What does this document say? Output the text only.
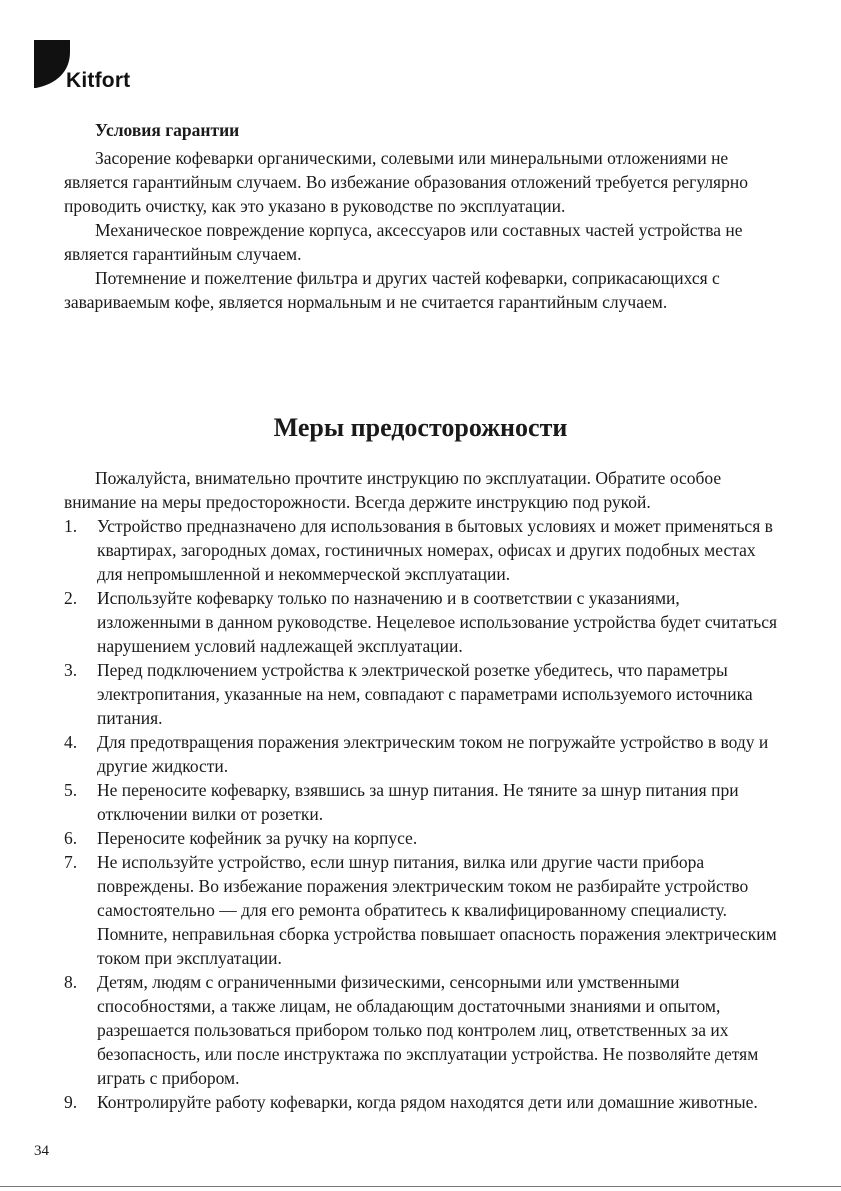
Kitfort
Условия гарантии

Засорение кофеварки органическими, солевыми или минеральными отложениями не является гарантийным случаем. Во избежание образования отложений требуется регулярно проводить очистку, как это указано в руководстве по эксплуатации.

Механическое повреждение корпуса, аксессуаров или составных частей устройства не является гарантийным случаем.

Потемнение и пожелтение фильтра и других частей кофеварки, соприкасающихся с завариваемым кофе, является нормальным и не считается гарантийным случаем.

Меры предосторожности

Пожалуйста, внимательно прочтите инструкцию по эксплуатации. Обратите особое внимание на меры предосторожности. Всегда держите инструкцию под рукой.

1. Устройство предназначено для использования в бытовых условиях и может применяться в квартирах, загородных домах, гостиничных номерах, офисах и других подобных местах для непромышленной и некоммерческой эксплуатации.
2. Используйте кофеварку только по назначению и в соответствии с указаниями, изложенными в данном руководстве. Нецелевое использование устройства будет считаться нарушением условий надлежащей эксплуатации.
3. Перед подключением устройства к электрической розетке убедитесь, что параметры электропитания, указанные на нем, совпадают с параметрами используемого источника питания.
4. Для предотвращения поражения электрическим током не погружайте устройство в воду и другие жидкости.
5. Не переносите кофеварку, взявшись за шнур питания. Не тяните за шнур питания при отключении вилки от розетки.
6. Переносите кофейник за ручку на корпусе.
7. Не используйте устройство, если шнур питания, вилка или другие части прибора повреждены. Во избежание поражения электрическим током не разбирайте устройство самостоятельно — для его ремонта обратитесь к квалифицированному специалисту. Помните, неправильная сборка устройства повышает опасность поражения электрическим током при эксплуатации.
8. Детям, людям с ограниченными физическими, сенсорными или умственными способностями, а также лицам, не обладающим достаточными знаниями и опытом, разрешается пользоваться прибором только под контролем лиц, ответственных за их безопасность, или после инструктажа по эксплуатации устройства. Не позволяйте детям играть с прибором.
9. Контролируйте работу кофеварки, когда рядом находятся дети или домашние животные.
34
